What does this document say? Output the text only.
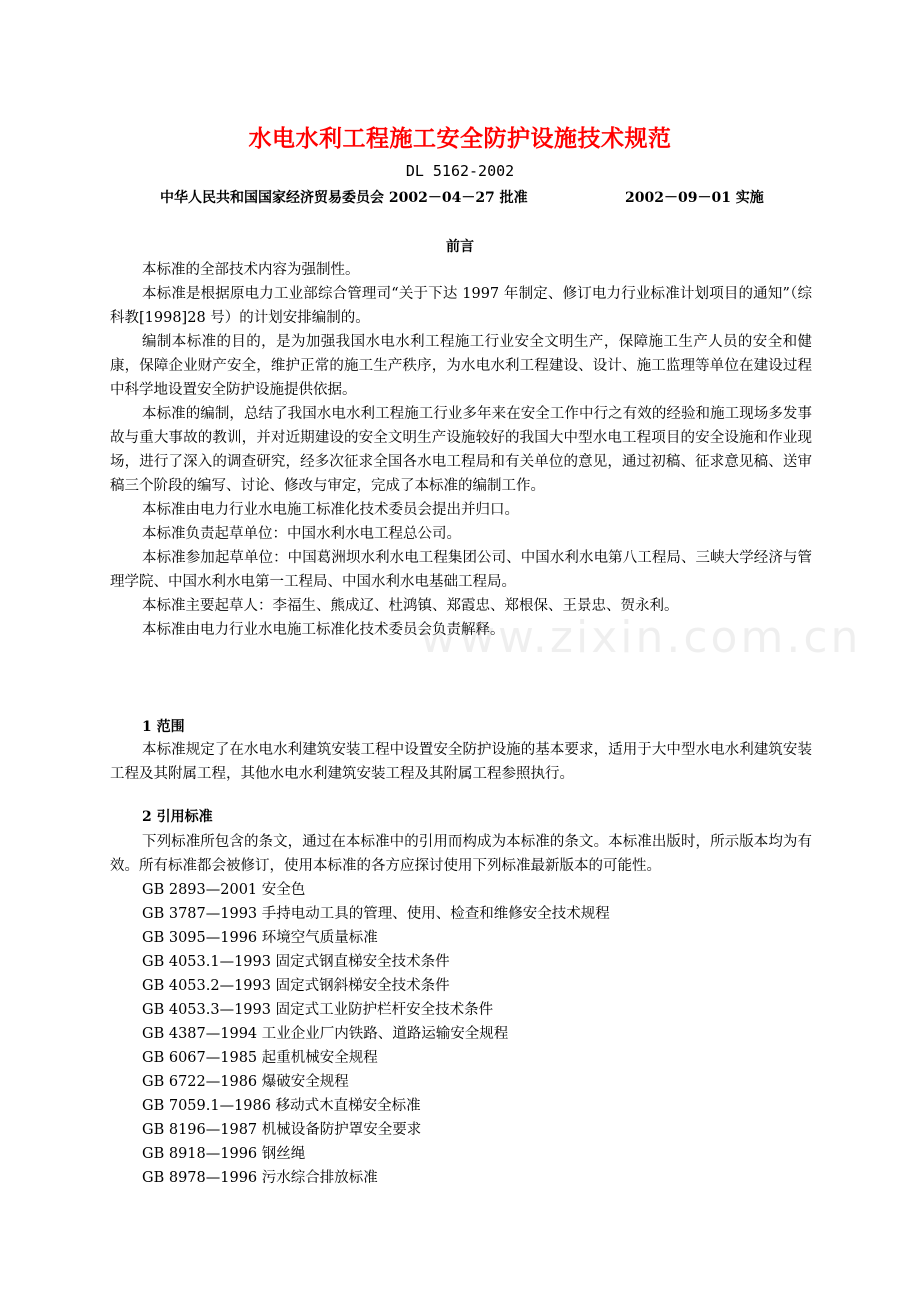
水电水利工程施工安全防护设施技术规范
DL 5162-2002
中华人民共和国国家经济贸易委员会 2002－04－27 批准	2002－09－01 实施
前言

本标准的全部技术内容为强制性。

本标准是根据原电力工业部综合管理司“关于下达 1997 年制定、修订电力行业标准计划项目的通知”（综科教[1998]28 号）的计划安排编制的。

编制本标准的目的，是为加强我国水电水利工程施工行业安全文明生产，保障施工生产人员的安全和健康，保障企业财产安全，维护正常的施工生产秩序，为水电水利工程建设、设计、施工监理等单位在建设过程中科学地设置安全防护设施提供依据。

本标准的编制，总结了我国水电水利工程施工行业多年来在安全工作中行之有效的经验和施工现场多发事故与重大事故的教训，并对近期建设的安全文明生产设施较好的我国大中型水电工程项目的安全设施和作业现场，进行了深入的调查研究，经多次征求全国各水电工程局和有关单位的意见，通过初稿、征求意见稿、送审稿三个阶段的编写、讨论、修改与审定，完成了本标准的编制工作。

本标准由电力行业水电施工标准化技术委员会提出并归口。

本标准负责起草单位：中国水利水电工程总公司。

本标准参加起草单位：中国葛洲坝水利水电工程集团公司、中国水利水电第八工程局、三峡大学经济与管理学院、中国水利水电第一工程局、中国水利水电基础工程局。

本标准主要起草人：李福生、熊成辽、杜鸿镇、郑霞忠、郑根保、王景忠、贺永利。

本标准由电力行业水电施工标准化技术委员会负责解释。

www.zixin.com.cn
1 范围

本标准规定了在水电水利建筑安装工程中设置安全防护设施的基本要求，适用于大中型水电水利建筑安装工程及其附属工程，其他水电水利建筑安装工程及其附属工程参照执行。

2 引用标准

下列标准所包含的条文，通过在本标准中的引用而构成为本标准的条文。本标准出版时，所示版本均为有效。所有标准都会被修订，使用本标准的各方应探讨使用下列标准最新版本的可能性。

GB 2893—2001 安全色
GB 3787—1993 手持电动工具的管理、使用、检查和维修安全技术规程
GB 3095—1996 环境空气质量标准
GB 4053.1—1993 固定式钢直梯安全技术条件
GB 4053.2—1993 固定式钢斜梯安全技术条件
GB 4053.3—1993 固定式工业防护栏杆安全技术条件
GB 4387—1994 工业企业厂内铁路、道路运输安全规程
GB 6067—1985 起重机械安全规程
GB 6722—1986 爆破安全规程
GB 7059.1—1986 移动式木直梯安全标准
GB 8196—1987 机械设备防护罩安全要求
GB 8918—1996 钢丝绳
GB 8978—1996 污水综合排放标准
